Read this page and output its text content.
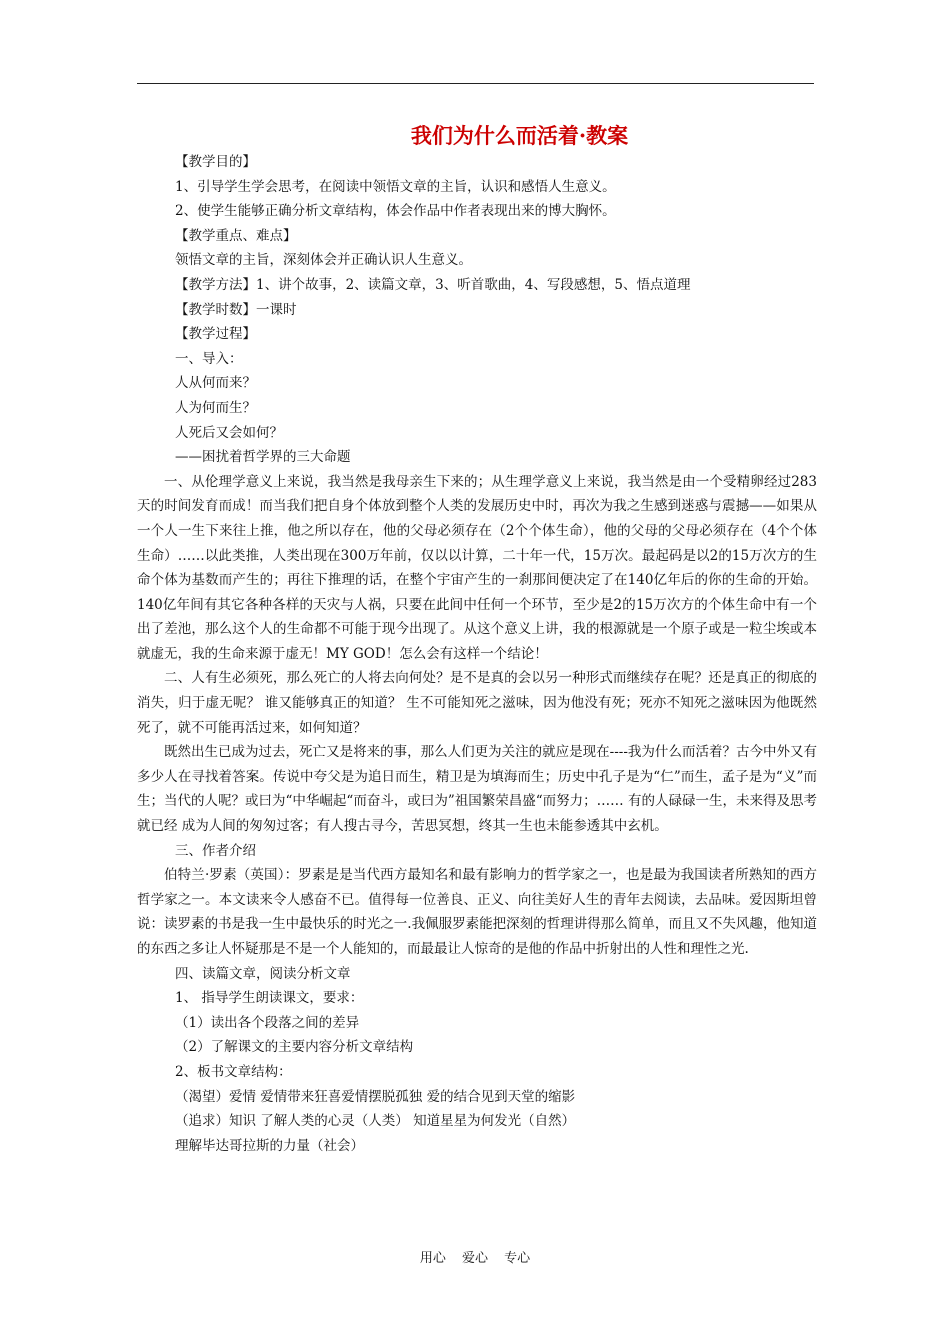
我们为什么而活着·教案

【教学目的】

1、引导学生学会思考，在阅读中领悟文章的主旨，认识和感悟人生意义。

2、使学生能够正确分析文章结构，体会作品中作者表现出来的博大胸怀。

【教学重点、难点】

领悟文章的主旨，深刻体会并正确认识人生意义。

【教学方法】1、讲个故事，2、读篇文章，3、听首歌曲，4、写段感想，5、悟点道理

【教学时数】一课时

【教学过程】

一、导入：

人从何而来？

人为何而生？

人死后又会如何？

——困扰着哲学界的三大命题

一、从伦理学意义上来说，我当然是我母亲生下来的；从生理学意义上来说，我当然是由一个受精卵经过283天的时间发育而成！而当我们把自身个体放到整个人类的发展历史中时，再次为我之生感到迷惑与震撼——如果从一个人一生下来往上推，他之所以存在，他的父母必须存在（2个个体生命），他的父母的父母必须存在（4个个体生命）……以此类推，人类出现在300万年前，仅以以计算，二十年一代，15万次。最起码是以2的15万次方的生命个体为基数而产生的；再往下推理的话，在整个宇宙产生的一刹那间便决定了在140亿年后的你的生命的开始。140亿年间有其它各种各样的天灾与人祸，只要在此间中任何一个环节，至少是2的15万次方的个体生命中有一个出了差池，那么这个人的生命都不可能于现今出现了。从这个意义上讲，我的根源就是一个原子或是一粒尘埃或本就虚无，我的生命来源于虚无！MY GOD！怎么会有这样一个结论！

二、人有生必须死，那么死亡的人将去向何处？是不是真的会以另一种形式而继续存在呢？还是真正的彻底的消失，归于虚无呢？ 谁又能够真正的知道？ 生不可能知死之滋味，因为他没有死；死亦不知死之滋味因为他既然死了，就不可能再活过来，如何知道？

既然出生已成为过去，死亡又是将来的事，那么人们更为关注的就应是现在----我为什么而活着？古今中外又有多少人在寻找着答案。传说中夸父是为追日而生，精卫是为填海而生；历史中孔子是为“仁”而生，孟子是为“义”而生；当代的人呢？或曰为“中华崛起“而奋斗，或曰为”祖国繁荣昌盛“而努力；…… 有的人碌碌一生，未来得及思考就已经 成为人间的匆匆过客；有人搜古寻今，苦思冥想，终其一生也未能参透其中玄机。

三、作者介绍

伯特兰·罗素（英国）：罗素是是当代西方最知名和最有影响力的哲学家之一，也是最为我国读者所熟知的西方哲学家之一。本文读来令人感奋不已。值得每一位善良、正义、向往美好人生的青年去阅读，去品味。爱因斯坦曾说：读罗素的书是我一生中最快乐的时光之一.我佩服罗素能把深刻的哲理讲得那么简单，而且又不失风趣，他知道的东西之多让人怀疑那是不是一个人能知的，而最最让人惊奇的是他的作品中折射出的人性和理性之光.

四、读篇文章，阅读分析文章

1、 指导学生朗读课文，要求：

（1）读出各个段落之间的差异

（2）了解课文的主要内容分析文章结构

2、板书文章结构：

（渴望）爱情 爱情带来狂喜爱情摆脱孤独 爱的结合见到天堂的缩影

（追求）知识 了解人类的心灵（人类） 知道星星为何发光（自然）

理解毕达哥拉斯的力量（社会）

用心 爱心 专心
